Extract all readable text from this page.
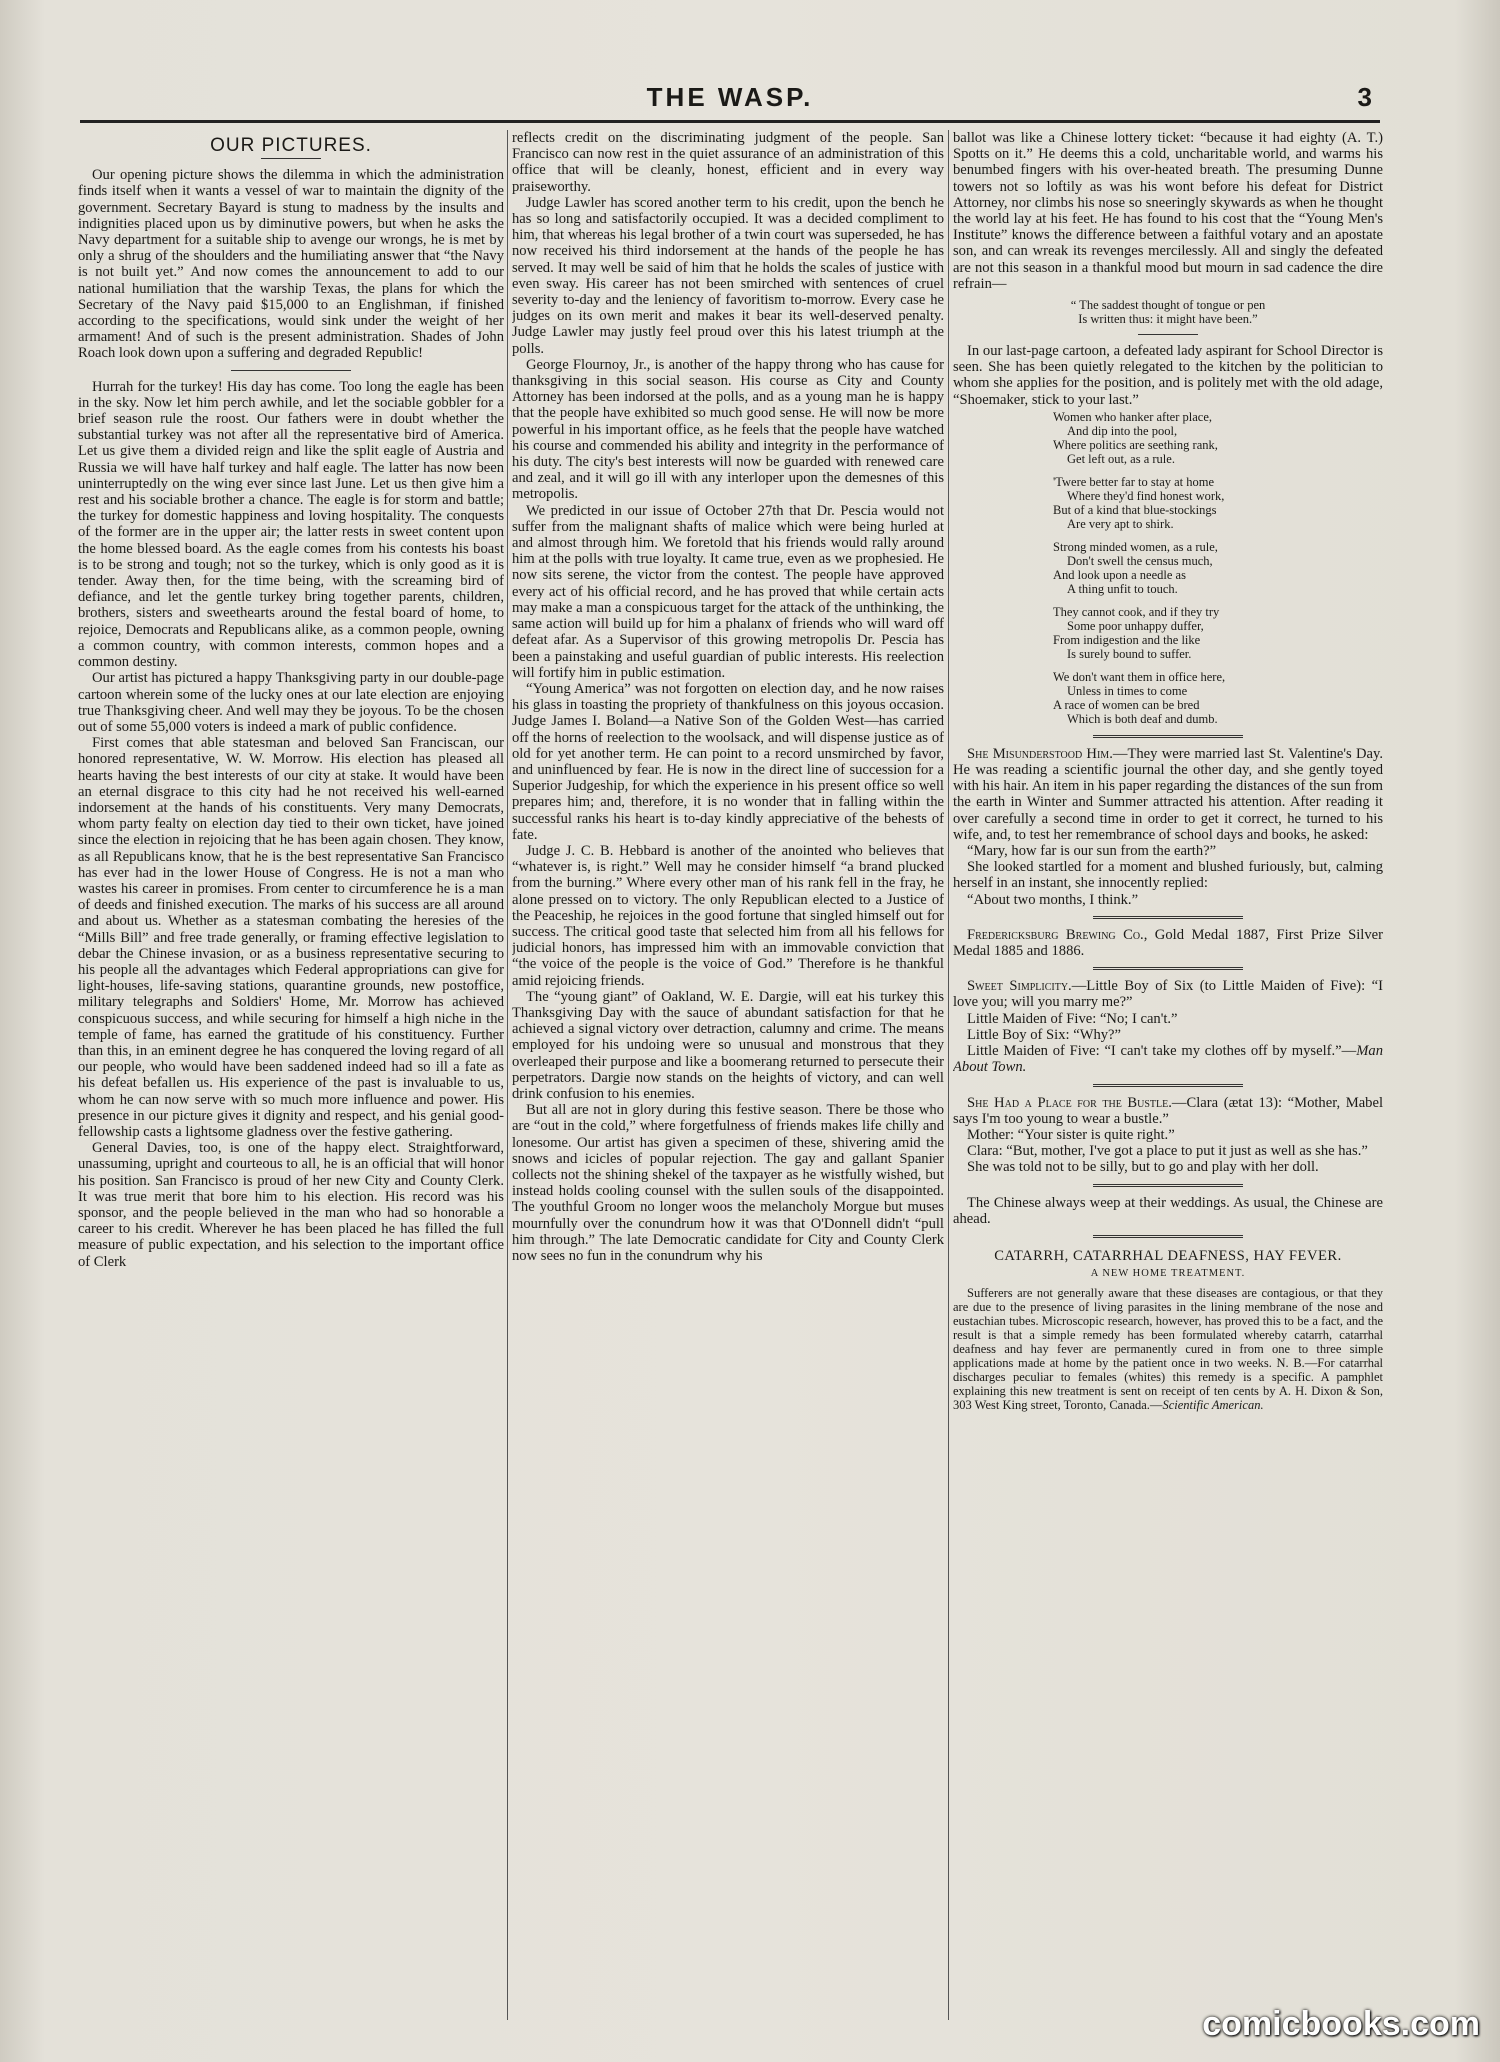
THE WASP.	3
OUR PICTURES.

Our opening picture shows the dilemma in which the administration finds itself when it wants a vessel of war to maintain the dignity of the government. Secretary Bayard is stung to madness by the insults and indignities placed upon us by diminutive powers, but when he asks the Navy department for a suitable ship to avenge our wrongs, he is met by only a shrug of the shoulders and the humiliating answer that “the Navy is not built yet.” And now comes the announcement to add to our national humiliation that the warship Texas, the plans for which the Secretary of the Navy paid $15,000 to an Englishman, if finished according to the specifications, would sink under the weight of her armament! And of such is the present administration. Shades of John Roach look down upon a suffering and degraded Republic!

Hurrah for the turkey! His day has come. Too long the eagle has been in the sky. Now let him perch awhile, and let the sociable gobbler for a brief season rule the roost. Our fathers were in doubt whether the substantial turkey was not after all the representative bird of America. Let us give them a divided reign and like the split eagle of Austria and Russia we will have half turkey and half eagle. The latter has now been uninterruptedly on the wing ever since last June. Let us then give him a rest and his sociable brother a chance. The eagle is for storm and battle; the turkey for domestic happiness and loving hospitality. The conquests of the former are in the upper air; the latter rests in sweet content upon the home blessed board. As the eagle comes from his contests his boast is to be strong and tough; not so the turkey, which is only good as it is tender. Away then, for the time being, with the screaming bird of defiance, and let the gentle turkey bring together parents, children, brothers, sisters and sweethearts around the festal board of home, to rejoice, Democrats and Republicans alike, as a common people, owning a common country, with common interests, common hopes and a common destiny.

Our artist has pictured a happy Thanksgiving party in our double-page cartoon wherein some of the lucky ones at our late election are enjoying true Thanksgiving cheer. And well may they be joyous. To be the chosen out of some 55,000 voters is indeed a mark of public confidence.

First comes that able statesman and beloved San Franciscan, our honored representative, W. W. Morrow. His election has pleased all hearts having the best interests of our city at stake. It would have been an eternal disgrace to this city had he not received his well-earned indorsement at the hands of his constituents. Very many Democrats, whom party fealty on election day tied to their own ticket, have joined since the election in rejoicing that he has been again chosen. They know, as all Republicans know, that he is the best representative San Francisco has ever had in the lower House of Congress. He is not a man who wastes his career in promises. From center to circumference he is a man of deeds and finished execution. The marks of his success are all around and about us. Whether as a statesman combating the heresies of the “Mills Bill” and free trade generally, or framing effective legislation to debar the Chinese invasion, or as a business representative securing to his people all the advantages which Federal appropriations can give for light-houses, life-saving stations, quarantine grounds, new postoffice, military telegraphs and Soldiers' Home, Mr. Morrow has achieved conspicuous success, and while securing for himself a high niche in the temple of fame, has earned the gratitude of his constituency. Further than this, in an eminent degree he has conquered the loving regard of all our people, who would have been saddened indeed had so ill a fate as his defeat befallen us. His experience of the past is invaluable to us, whom he can now serve with so much more influence and power. His presence in our picture gives it dignity and respect, and his genial good-fellowship casts a lightsome gladness over the festive gathering.

General Davies, too, is one of the happy elect. Straightforward, unassuming, upright and courteous to all, he is an official that will honor his position. San Francisco is proud of her new City and County Clerk. It was true merit that bore him to his election. His record was his sponsor, and the people believed in the man who had so honorable a career to his credit. Wherever he has been placed he has filled the full measure of public expectation, and his selection to the important office of Clerk

reflects credit on the discriminating judgment of the people. San Francisco can now rest in the quiet assurance of an administration of this office that will be cleanly, honest, efficient and in every way praiseworthy.

Judge Lawler has scored another term to his credit, upon the bench he has so long and satisfactorily occupied. It was a decided compliment to him, that whereas his legal brother of a twin court was superseded, he has now received his third indorsement at the hands of the people he has served. It may well be said of him that he holds the scales of justice with even sway. His career has not been smirched with sentences of cruel severity to-day and the leniency of favoritism to-morrow. Every case he judges on its own merit and makes it bear its well-deserved penalty. Judge Lawler may justly feel proud over this his latest triumph at the polls.

George Flournoy, Jr., is another of the happy throng who has cause for thanksgiving in this social season. His course as City and County Attorney has been indorsed at the polls, and as a young man he is happy that the people have exhibited so much good sense. He will now be more powerful in his important office, as he feels that the people have watched his course and commended his ability and integrity in the performance of his duty. The city's best interests will now be guarded with renewed care and zeal, and it will go ill with any interloper upon the demesnes of this metropolis.

We predicted in our issue of October 27th that Dr. Pescia would not suffer from the malignant shafts of malice which were being hurled at and almost through him. We foretold that his friends would rally around him at the polls with true loyalty. It came true, even as we prophesied. He now sits serene, the victor from the contest. The people have approved every act of his official record, and he has proved that while certain acts may make a man a conspicuous target for the attack of the unthinking, the same action will build up for him a phalanx of friends who will ward off defeat afar. As a Supervisor of this growing metropolis Dr. Pescia has been a painstaking and useful guardian of public interests. His reelection will fortify him in public estimation.

“Young America” was not forgotten on election day, and he now raises his glass in toasting the propriety of thankfulness on this joyous occasion. Judge James I. Boland—a Native Son of the Golden West—has carried off the horns of reelection to the woolsack, and will dispense justice as of old for yet another term. He can point to a record unsmirched by favor, and uninfluenced by fear. He is now in the direct line of succession for a Superior Judgeship, for which the experience in his present office so well prepares him; and, therefore, it is no wonder that in falling within the successful ranks his heart is to-day kindly appreciative of the behests of fate.

Judge J. C. B. Hebbard is another of the anointed who believes that “whatever is, is right.” Well may he consider himself “a brand plucked from the burning.” Where every other man of his rank fell in the fray, he alone pressed on to victory. The only Republican elected to a Justice of the Peaceship, he rejoices in the good fortune that singled himself out for success. The critical good taste that selected him from all his fellows for judicial honors, has impressed him with an immovable conviction that “the voice of the people is the voice of God.” Therefore is he thankful amid rejoicing friends.

The “young giant” of Oakland, W. E. Dargie, will eat his turkey this Thanksgiving Day with the sauce of abundant satisfaction for that he achieved a signal victory over detraction, calumny and crime. The means employed for his undoing were so unusual and monstrous that they overleaped their purpose and like a boomerang returned to persecute their perpetrators. Dargie now stands on the heights of victory, and can well drink confusion to his enemies.

But all are not in glory during this festive season. There be those who are “out in the cold,” where forgetfulness of friends makes life chilly and lonesome. Our artist has given a specimen of these, shivering amid the snows and icicles of popular rejection. The gay and gallant Spanier collects not the shining shekel of the taxpayer as he wistfully wished, but instead holds cooling counsel with the sullen souls of the disappointed. The youthful Groom no longer woos the melancholy Morgue but muses mournfully over the conundrum how it was that O'Donnell didn't “pull him through.” The late Democratic candidate for City and County Clerk now sees no fun in the conundrum why his

ballot was like a Chinese lottery ticket: “because it had eighty (A. T.) Spotts on it.” He deems this a cold, uncharitable world, and warms his benumbed fingers with his over-heated breath. The presuming Dunne towers not so loftily as was his wont before his defeat for District Attorney, nor climbs his nose so sneeringly skywards as when he thought the world lay at his feet. He has found to his cost that the “Young Men's Institute” knows the difference between a faithful votary and an apostate son, and can wreak its revenges mercilessly. All and singly the defeated are not this season in a thankful mood but mourn in sad cadence the dire refrain—

“ The saddest thought of tongue or pen
Is written thus: it might have been.”

In our last-page cartoon, a defeated lady aspirant for School Director is seen. She has been quietly relegated to the kitchen by the politician to whom she applies for the position, and is politely met with the old adage, “Shoemaker, stick to your last.”

Women who hanker after place,
And dip into the pool,
Where politics are seething rank,
Get left out, as a rule.
'Twere better far to stay at home
Where they'd find honest work,
But of a kind that blue-stockings
Are very apt to shirk.
Strong minded women, as a rule,
Don't swell the census much,
And look upon a needle as
A thing unfit to touch.
They cannot cook, and if they try
Some poor unhappy duffer,
From indigestion and the like
Is surely bound to suffer.
We don't want them in office here,
Unless in times to come
A race of women can be bred
Which is both deaf and dumb.

She Misunderstood Him.—They were married last St. Valentine's Day. He was reading a scientific journal the other day, and she gently toyed with his hair. An item in his paper regarding the distances of the sun from the earth in Winter and Summer attracted his attention. After reading it over carefully a second time in order to get it correct, he turned to his wife, and, to test her remembrance of school days and books, he asked:

“Mary, how far is our sun from the earth?”

She looked startled for a moment and blushed furiously, but, calming herself in an instant, she innocently replied:

“About two months, I think.”

Fredericksburg Brewing Co., Gold Medal 1887, First Prize Silver Medal 1885 and 1886.

Sweet Simplicity.—Little Boy of Six (to Little Maiden of Five): “I love you; will you marry me?”

Little Maiden of Five: “No; I can't.”

Little Boy of Six: “Why?”

Little Maiden of Five: “I can't take my clothes off by myself.”—Man About Town.

She Had a Place for the Bustle.—Clara (ætat 13): “Mother, Mabel says I'm too young to wear a bustle.”

Mother: “Your sister is quite right.”

Clara: “But, mother, I've got a place to put it just as well as she has.”

She was told not to be silly, but to go and play with her doll.

The Chinese always weep at their weddings. As usual, the Chinese are ahead.

CATARRH, CATARRHAL DEAFNESS, HAY FEVER.
A NEW HOME TREATMENT.

Sufferers are not generally aware that these diseases are contagious, or that they are due to the presence of living parasites in the lining membrane of the nose and eustachian tubes. Microscopic research, however, has proved this to be a fact, and the result is that a simple remedy has been formulated whereby catarrh, catarrhal deafness and hay fever are permanently cured in from one to three simple applications made at home by the patient once in two weeks. N. B.—For catarrhal discharges peculiar to females (whites) this remedy is a specific. A pamphlet explaining this new treatment is sent on receipt of ten cents by A. H. Dixon & Son, 303 West King street, Toronto, Canada.—Scientific American.

comicbooks.com
